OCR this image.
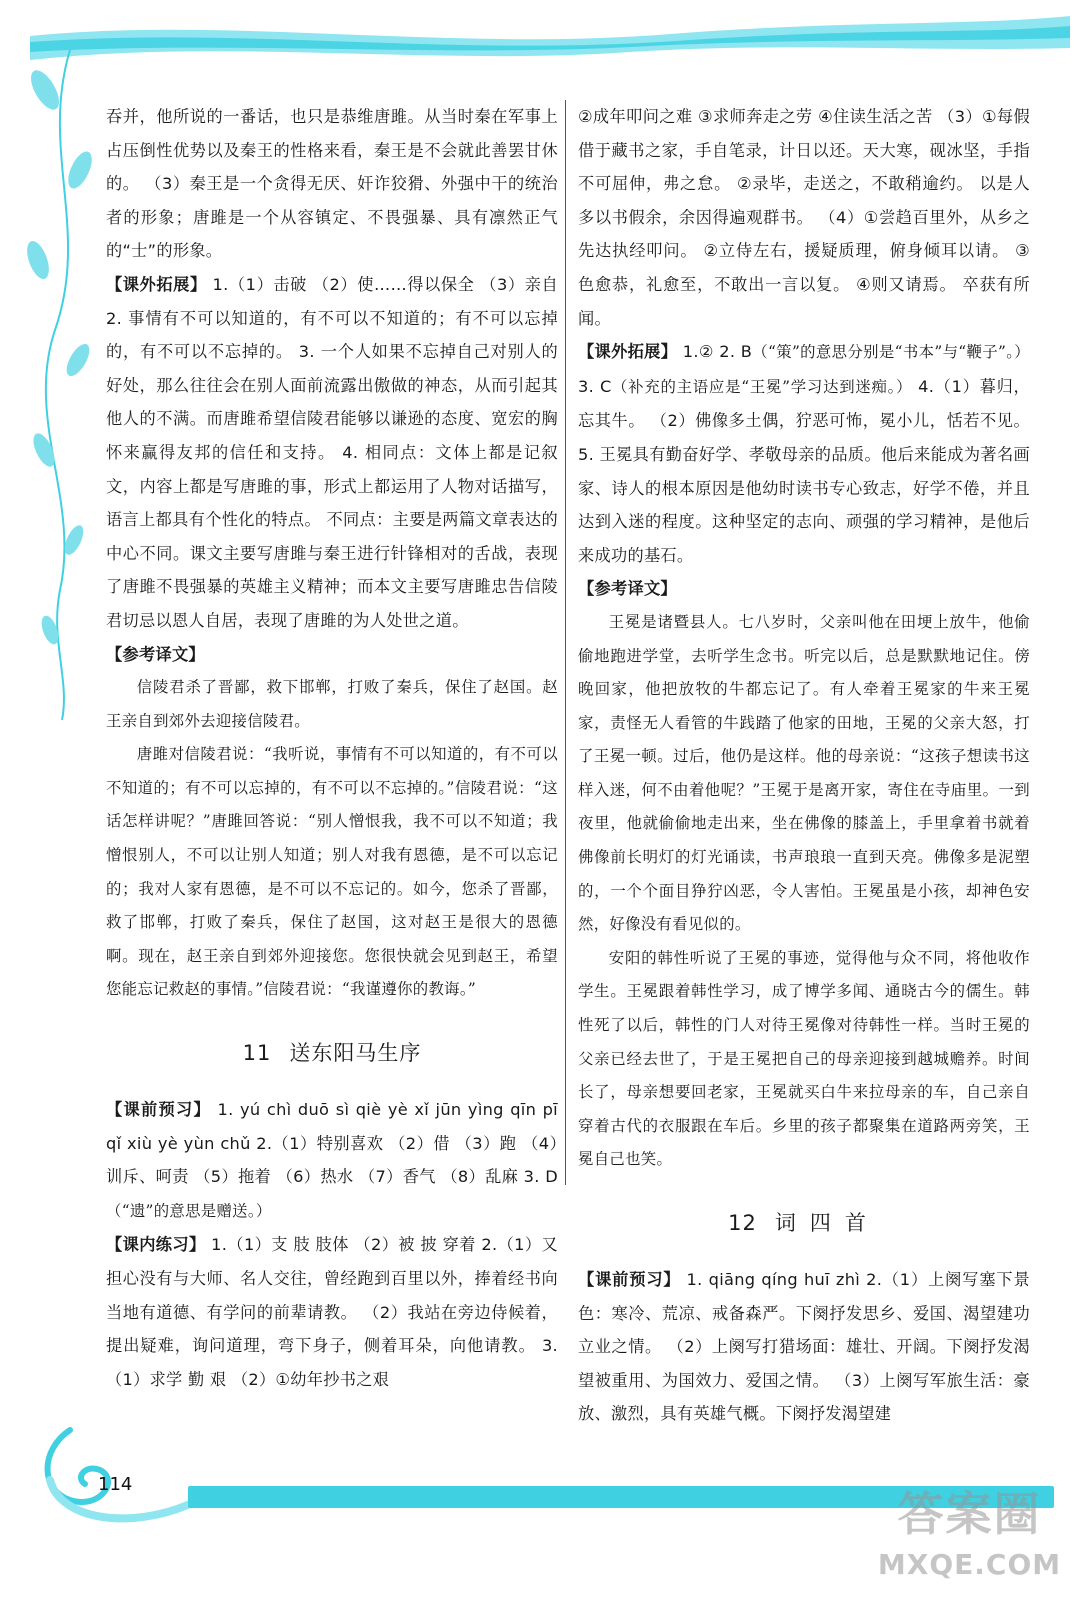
吞并，他所说的一番话，也只是恭维唐雎。从当时秦在军事上占压倒性优势以及秦王的性格来看，秦王是不会就此善罢甘休的。 （3）秦王是一个贪得无厌、奸诈狡猾、外强中干的统治者的形象；唐雎是一个从容镇定、不畏强暴、具有凛然正气的“士”的形象。

【课外拓展】 1.（1）击破 （2）使……得以保全 （3）亲自 2. 事情有不可以知道的，有不可以不知道的；有不可以忘掉的，有不可以不忘掉的。 3. 一个人如果不忘掉自己对别人的好处，那么往往会在别人面前流露出傲做的神态，从而引起其他人的不满。而唐雎希望信陵君能够以谦逊的态度、宽宏的胸怀来赢得友邦的信任和支持。 4. 相同点：文体上都是记叙文，内容上都是写唐雎的事，形式上都运用了人物对话描写，语言上都具有个性化的特点。 不同点：主要是两篇文章表达的中心不同。课文主要写唐雎与秦王进行针锋相对的舌战，表现了唐雎不畏强暴的英雄主义精神；而本文主要写唐雎忠告信陵君切忌以恩人自居，表现了唐雎的为人处世之道。

【参考译文】

信陵君杀了晋鄙，救下邯郸，打败了秦兵，保住了赵国。赵王亲自到郊外去迎接信陵君。

唐雎对信陵君说：“我听说，事情有不可以知道的，有不可以不知道的；有不可以忘掉的，有不可以不忘掉的。”信陵君说：“这话怎样讲呢？”唐雎回答说：“别人憎恨我，我不可以不知道；我憎恨别人，不可以让别人知道；别人对我有恩德，是不可以忘记的；我对人家有恩德，是不可以不忘记的。如今，您杀了晋鄙，救了邯郸，打败了秦兵，保住了赵国，这对赵王是很大的恩德啊。现在，赵王亲自到郊外迎接您。您很快就会见到赵王，希望您能忘记救赵的事情。”信陵君说：“我谨遵你的教诲。”

11 送东阳马生序

【课前预习】 1. yú chì duō sì qiè yè xǐ jūn yìng qīn pī qǐ xiù yè yùn chǔ 2.（1）特别喜欢 （2）借 （3）跑 （4）训斥、呵责 （5）拖着 （6）热水 （7）香气 （8）乱麻 3. D（“遗”的意思是赠送。）

【课内练习】 1.（1）支 肢 肢体 （2）被 披 穿着 2.（1）又担心没有与大师、名人交往，曾经跑到百里以外，捧着经书向当地有道德、有学问的前辈请教。 （2）我站在旁边侍候着，提出疑难，询问道理，弯下身子，侧着耳朵，向他请教。 3.（1）求学 勤 艰 （2）①幼年抄书之艰

②成年叩问之难 ③求师奔走之劳 ④住读生活之苦 （3）①每假借于藏书之家，手自笔录，计日以还。天大寒，砚冰坚，手指不可屈伸，弗之怠。 ②录毕，走送之，不敢稍逾约。 以是人多以书假余，余因得遍观群书。 （4）①尝趋百里外，从乡之先达执经叩问。 ②立侍左右，援疑质理，俯身倾耳以请。 ③色愈恭，礼愈至，不敢出一言以复。 ④则又请焉。 卒获有所闻。

【课外拓展】 1.② 2. B（“策”的意思分别是“书本”与“鞭子”。） 3. C（补充的主语应是“王冕”学习达到迷痴。） 4.（1）暮归，忘其牛。 （2）佛像多土偶，狞恶可怖，冕小儿，恬若不见。 5. 王冕具有勤奋好学、孝敬母亲的品质。他后来能成为著名画家、诗人的根本原因是他幼时读书专心致志，好学不倦，并且达到入迷的程度。这种坚定的志向、顽强的学习精神，是他后来成功的基石。

【参考译文】

王冕是诸暨县人。七八岁时，父亲叫他在田埂上放牛，他偷偷地跑进学堂，去听学生念书。听完以后，总是默默地记住。傍晚回家，他把放牧的牛都忘记了。有人牵着王冕家的牛来王冕家，责怪无人看管的牛践踏了他家的田地，王冕的父亲大怒，打了王冕一顿。过后，他仍是这样。他的母亲说：“这孩子想读书这样入迷，何不由着他呢？”王冕于是离开家，寄住在寺庙里。一到夜里，他就偷偷地走出来，坐在佛像的膝盖上，手里拿着书就着佛像前长明灯的灯光诵读，书声琅琅一直到天亮。佛像多是泥塑的，一个个面目狰狞凶恶，令人害怕。王冕虽是小孩，却神色安然，好像没有看见似的。

安阳的韩性听说了王冕的事迹，觉得他与众不同，将他收作学生。王冕跟着韩性学习，成了博学多闻、通晓古今的儒生。韩性死了以后，韩性的门人对待王冕像对待韩性一样。当时王冕的父亲已经去世了，于是王冕把自己的母亲迎接到越城赡养。时间长了，母亲想要回老家，王冕就买白牛来拉母亲的车，自己亲自穿着古代的衣服跟在车后。乡里的孩子都聚集在道路两旁笑，王冕自己也笑。

12 词四首

【课前预习】 1. qiāng qíng huī zhì 2.（1）上阕写塞下景色：寒冷、荒凉、戒备森严。下阕抒发思乡、爱国、渴望建功立业之情。 （2）上阕写打猎场面：雄壮、开阔。下阕抒发渴望被重用、为国效力、爱国之情。 （3）上阕写军旅生活：豪放、激烈，具有英雄气概。下阕抒发渴望建

114
答案圈
MXQE.COM
